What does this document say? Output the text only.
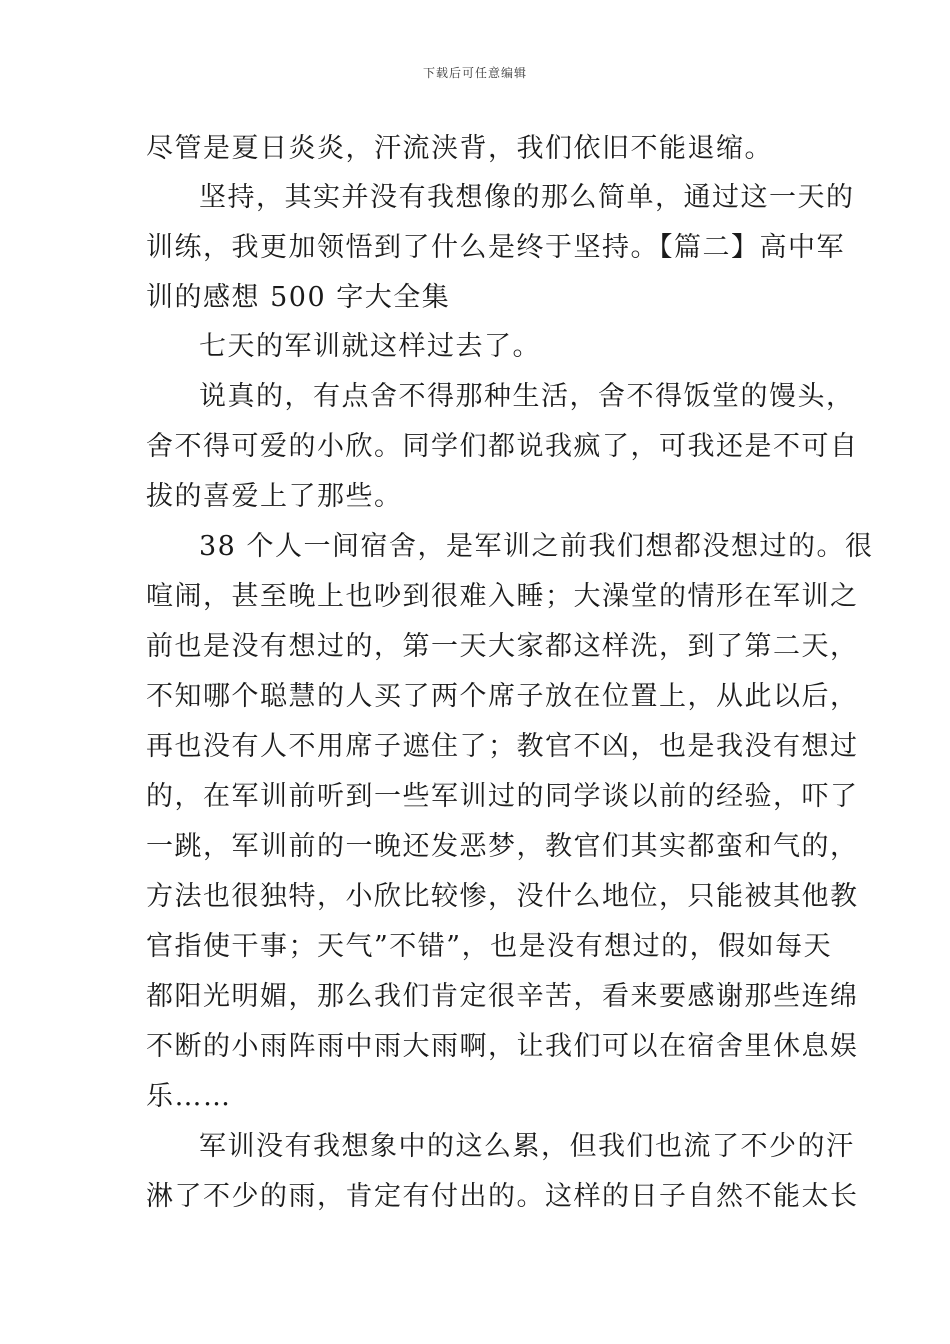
下载后可任意编辑
尽管是夏日炎炎，汗流浃背，我们依旧不能退缩。
坚持，其实并没有我想像的那么简单，通过这一天的
训练，我更加领悟到了什么是终于坚持。【篇二】高中军
训的感想 500 字大全集
七天的军训就这样过去了。
说真的，有点舍不得那种生活，舍不得饭堂的馒头，
舍不得可爱的小欣。同学们都说我疯了，可我还是不可自
拔的喜爱上了那些。
38 个人一间宿舍，是军训之前我们想都没想过的。很
喧闹，甚至晚上也吵到很难入睡；大澡堂的情形在军训之
前也是没有想过的，第一天大家都这样洗，到了第二天，
不知哪个聪慧的人买了两个席子放在位置上，从此以后，
再也没有人不用席子遮住了；教官不凶，也是我没有想过
的，在军训前听到一些军训过的同学谈以前的经验，吓了
一跳，军训前的一晚还发恶梦，教官们其实都蛮和气的，
方法也很独特，小欣比较惨，没什么地位，只能被其他教
官指使干事；天气”不错”，也是没有想过的，假如每天
都阳光明媚，那么我们肯定很辛苦，看来要感谢那些连绵
不断的小雨阵雨中雨大雨啊，让我们可以在宿舍里休息娱
乐……
军训没有我想象中的这么累，但我们也流了不少的汗
淋了不少的雨，肯定有付出的。这样的日子自然不能太长
